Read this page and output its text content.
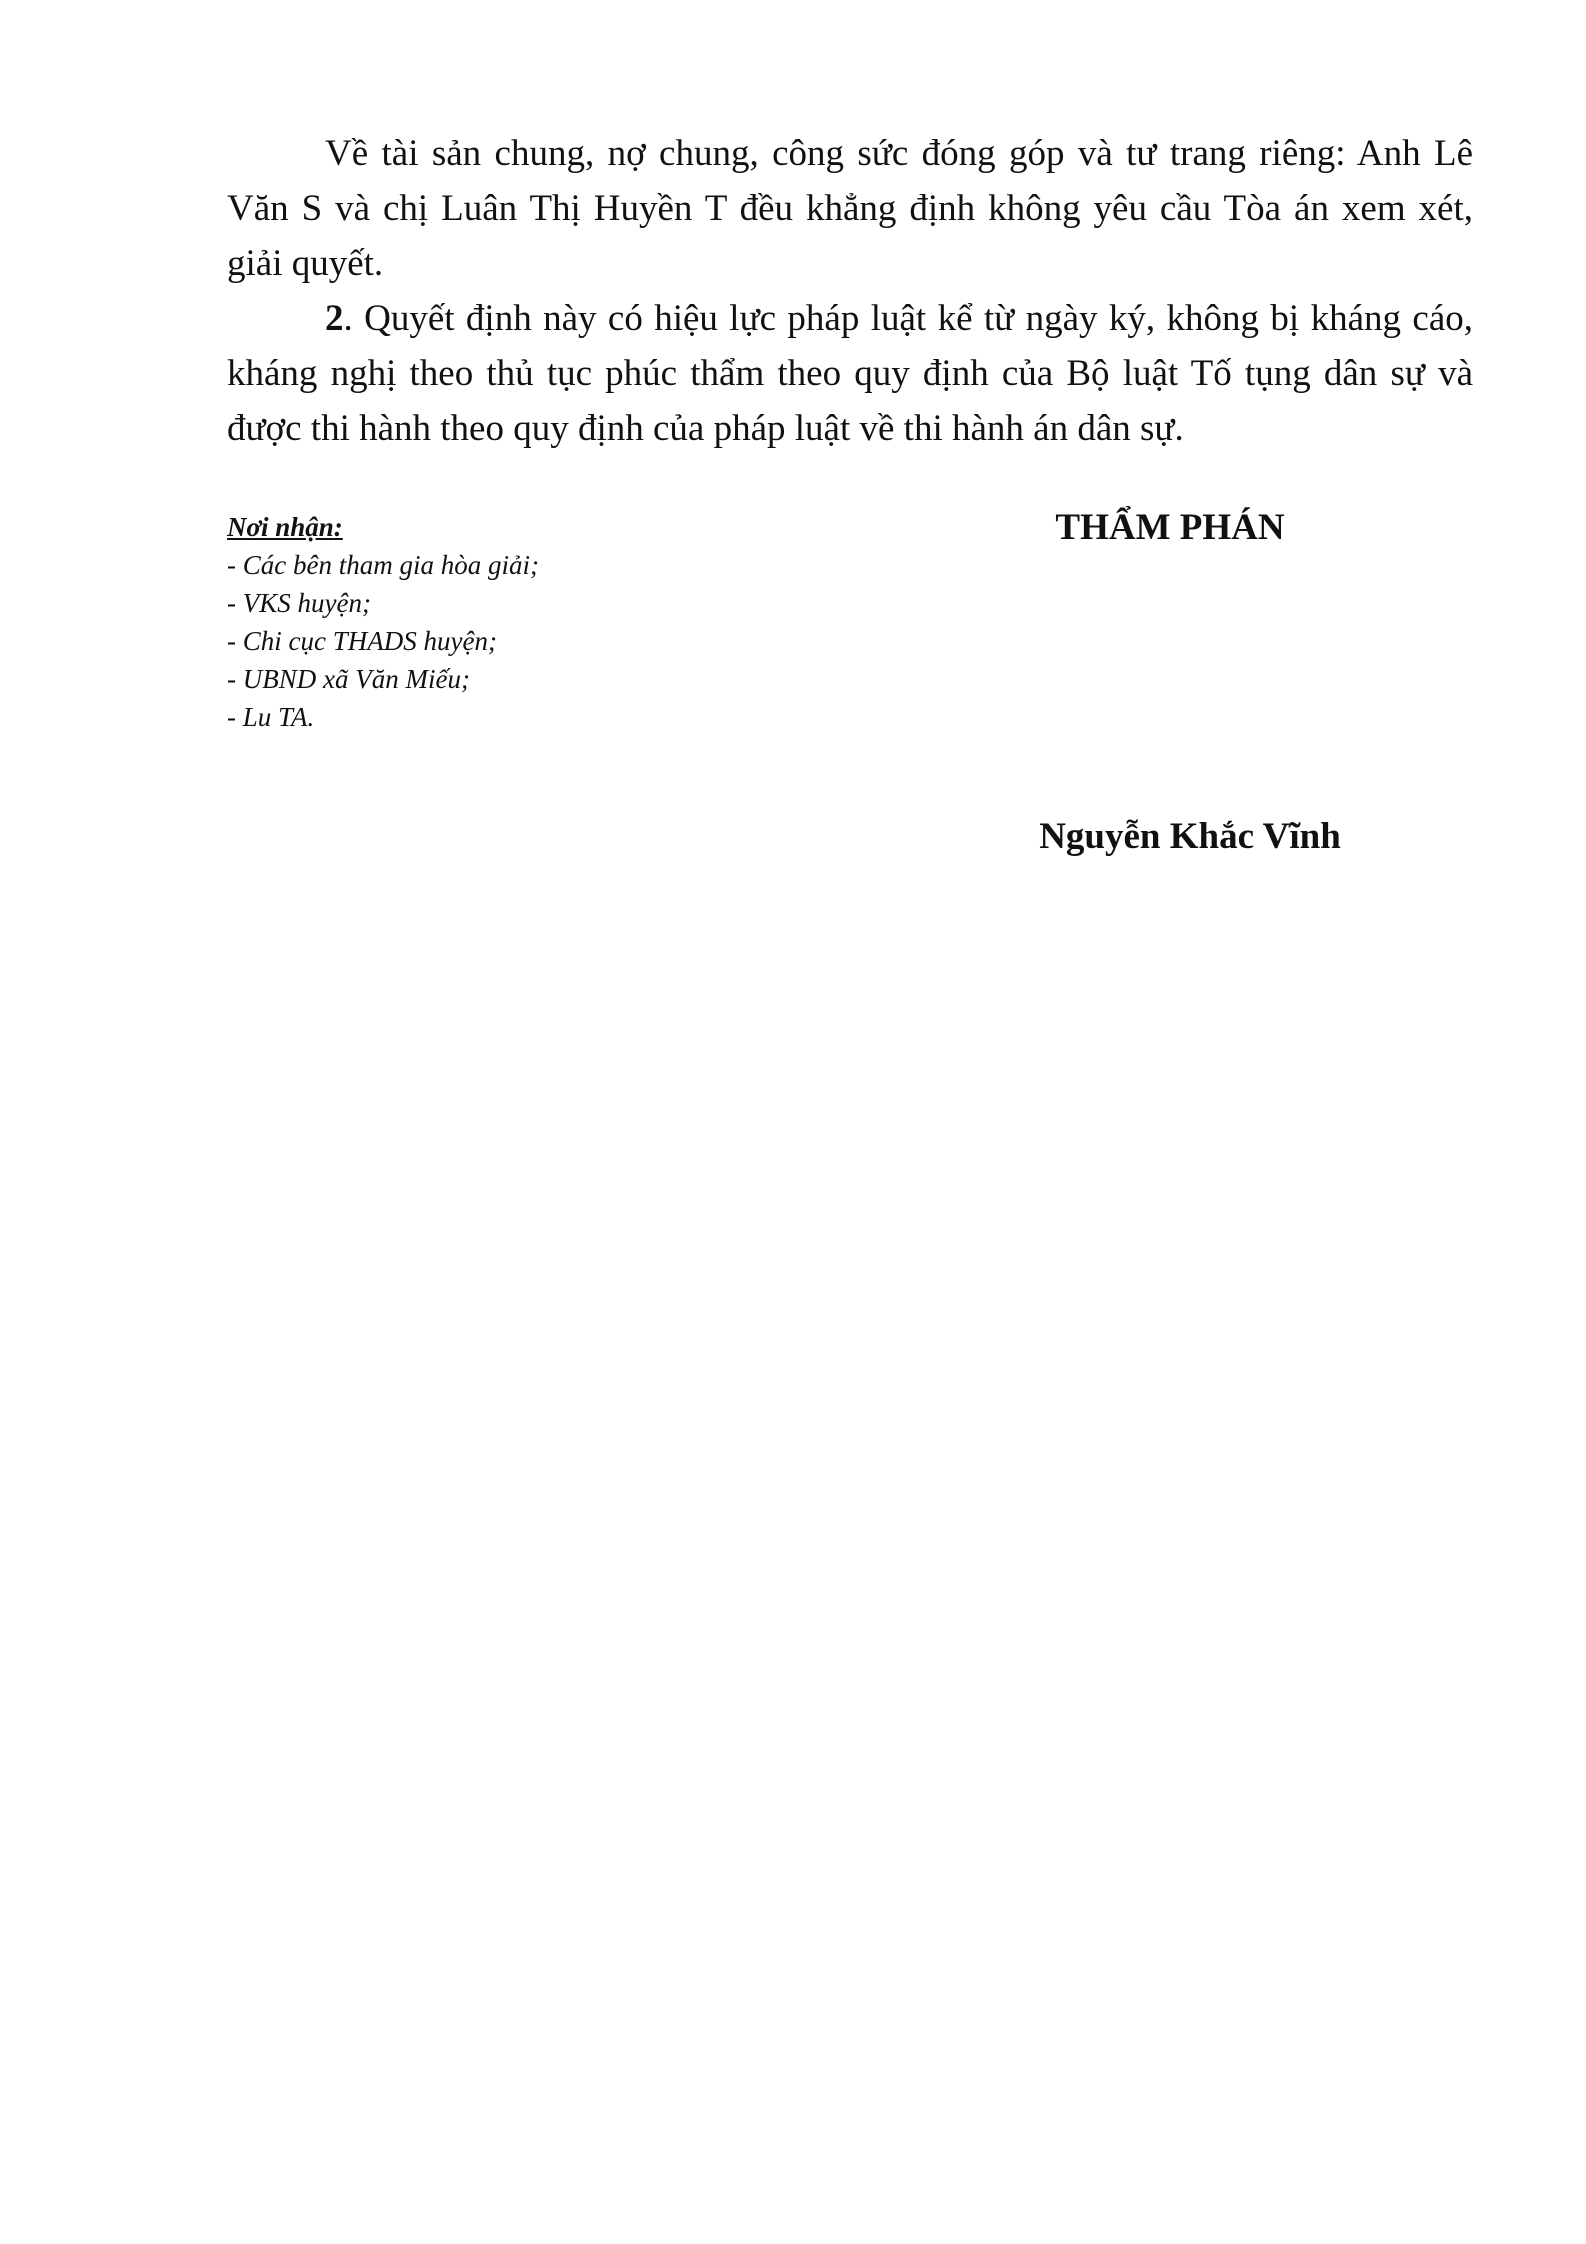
Về tài sản chung, nợ chung, công sức đóng góp và tư trang riêng: Anh Lê Văn S và chị Luân Thị Huyền T đều khẳng định không yêu cầu Tòa án xem xét, giải quyết.

2. Quyết định này có hiệu lực pháp luật kể từ ngày ký, không bị kháng cáo, kháng nghị theo thủ tục phúc thẩm theo quy định của Bộ luật Tố tụng dân sự và được thi hành theo quy định của pháp luật về thi hành án dân sự.

Nơi nhận:
- Các bên tham gia hòa giải;
- VKS huyện;
- Chi cục THADS huyện;
- UBND xã Văn Miếu;
- Lu TA.
THẨM PHÁN
Nguyễn Khắc Vĩnh
